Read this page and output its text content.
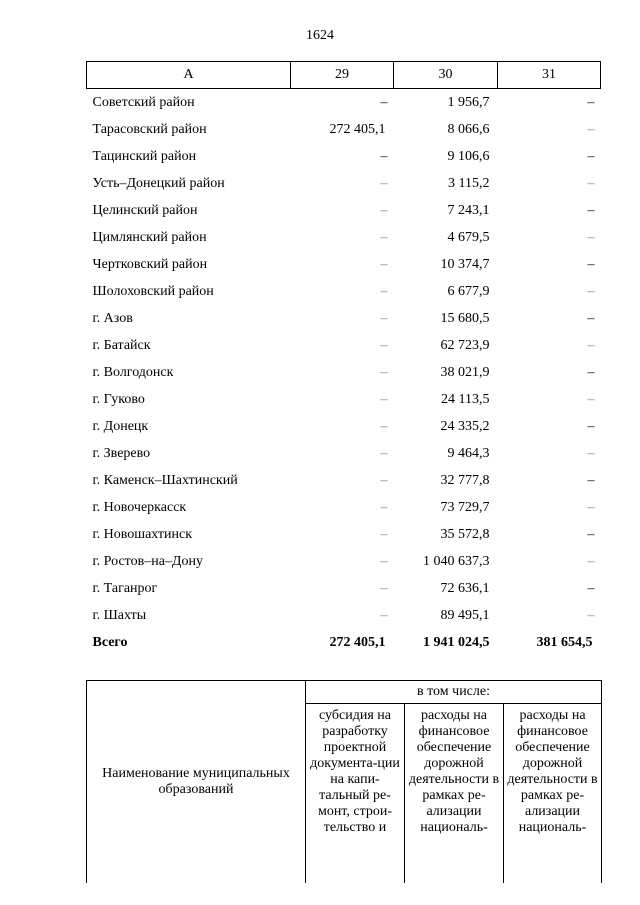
1624
А	29	30	31
Советский район	–	1 956,7	–
Тарасовский район	272 405,1	8 066,6	–
Тацинский район	–	9 106,6	–
Усть–Донецкий район	–	3 115,2	–
Целинский район	–	7 243,1	–
Цимлянский район	–	4 679,5	–
Чертковский район	–	10 374,7	–
Шолоховский район	–	6 677,9	–
г. Азов	–	15 680,5	–
г. Батайск	–	62 723,9	–
г. Волгодонск	–	38 021,9	–
г. Гуково	–	24 113,5	–
г. Донецк	–	24 335,2	–
г. Зверево	–	9 464,3	–
г. Каменск–Шахтинский	–	32 777,8	–
г. Новочеркасск	–	73 729,7	–
г. Новошахтинск	–	35 572,8	–
г. Ростов–на–Дону	–	1 040 637,3	–
г. Таганрог	–	72 636,1	–
г. Шахты	–	89 495,1	–
Всего	272 405,1	1 941 024,5	381 654,5
Наименование муниципальных образований	в том числе:		
	субсидия на разработку проектной документа-ции на капи-тальный ре-монт, строи-тельство и	расходы на финансовое обеспечение дорожной деятельности в рамках ре-ализации националь-	расходы на финансовое обеспечение дорожной деятельности в рамках ре-ализации националь-
